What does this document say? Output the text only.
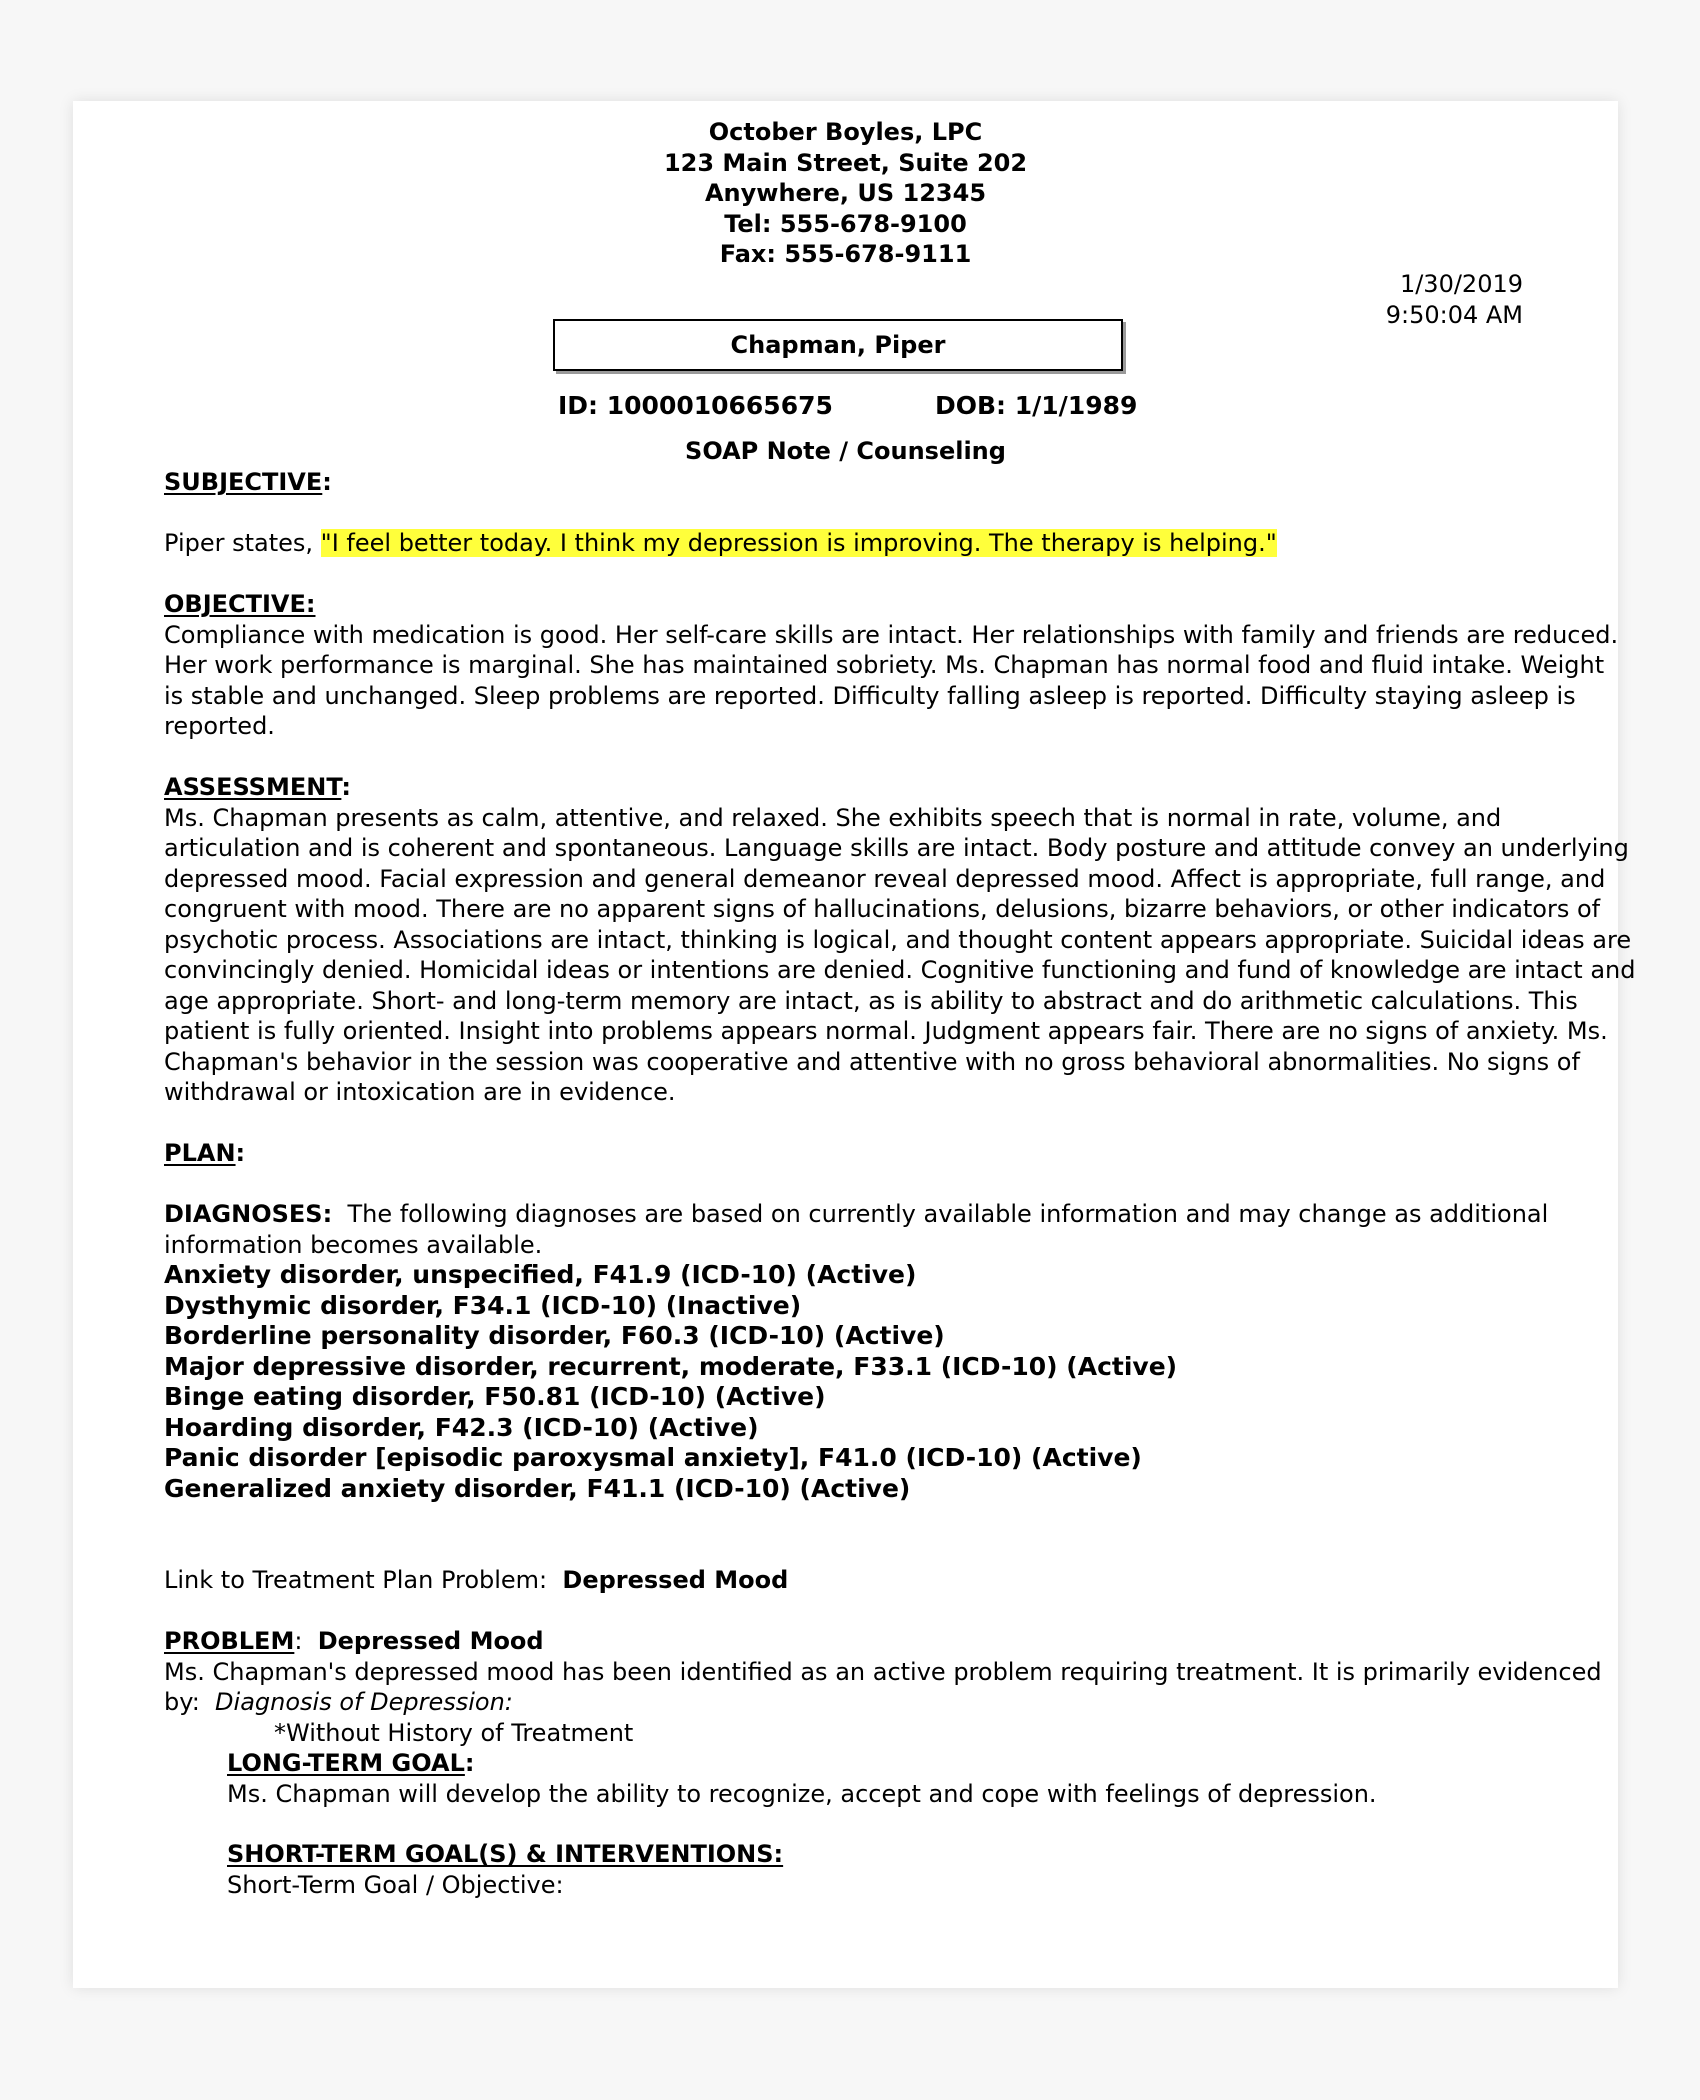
October Boyles, LPC
123 Main Street, Suite 202
Anywhere, US 12345
Tel: 555-678-9100
Fax: 555-678-9111
1/30/2019
9:50:04 AM
Chapman, Piper
ID: 1000010665675	DOB: 1/1/1989
SOAP Note / Counseling
SUBJECTIVE:
Piper states, "I feel better today. I think my depression is improving. The therapy is helping."
OBJECTIVE:
Compliance with medication is good. Her self-care skills are intact. Her relationships with family and friends are reduced.
Her work performance is marginal. She has maintained sobriety. Ms. Chapman has normal food and fluid intake. Weight
is stable and unchanged. Sleep problems are reported. Difficulty falling asleep is reported. Difficulty staying asleep is
reported.
ASSESSMENT:
Ms. Chapman presents as calm, attentive, and relaxed. She exhibits speech that is normal in rate, volume, and
articulation and is coherent and spontaneous. Language skills are intact. Body posture and attitude convey an underlying
depressed mood. Facial expression and general demeanor reveal depressed mood. Affect is appropriate, full range, and
congruent with mood. There are no apparent signs of hallucinations, delusions, bizarre behaviors, or other indicators of
psychotic process. Associations are intact, thinking is logical, and thought content appears appropriate. Suicidal ideas are
convincingly denied. Homicidal ideas or intentions are denied. Cognitive functioning and fund of knowledge are intact and
age appropriate. Short- and long-term memory are intact, as is ability to abstract and do arithmetic calculations. This
patient is fully oriented. Insight into problems appears normal. Judgment appears fair. There are no signs of anxiety. Ms.
Chapman's behavior in the session was cooperative and attentive with no gross behavioral abnormalities. No signs of
withdrawal or intoxication are in evidence.
PLAN:
DIAGNOSES:  The following diagnoses are based on currently available information and may change as additional
information becomes available.
Anxiety disorder, unspecified, F41.9 (ICD-10) (Active)
Dysthymic disorder, F34.1 (ICD-10) (Inactive)
Borderline personality disorder, F60.3 (ICD-10) (Active)
Major depressive disorder, recurrent, moderate, F33.1 (ICD-10) (Active)
Binge eating disorder, F50.81 (ICD-10) (Active)
Hoarding disorder, F42.3 (ICD-10) (Active)
Panic disorder [episodic paroxysmal anxiety], F41.0 (ICD-10) (Active)
Generalized anxiety disorder, F41.1 (ICD-10) (Active)
Link to Treatment Plan Problem:  Depressed Mood
PROBLEM:  Depressed Mood
Ms. Chapman's depressed mood has been identified as an active problem requiring treatment. It is primarily evidenced
by:  Diagnosis of Depression:
*Without History of Treatment
LONG-TERM GOAL:
Ms. Chapman will develop the ability to recognize, accept and cope with feelings of depression.
SHORT-TERM GOAL(S) & INTERVENTIONS:
Short-Term Goal / Objective:
